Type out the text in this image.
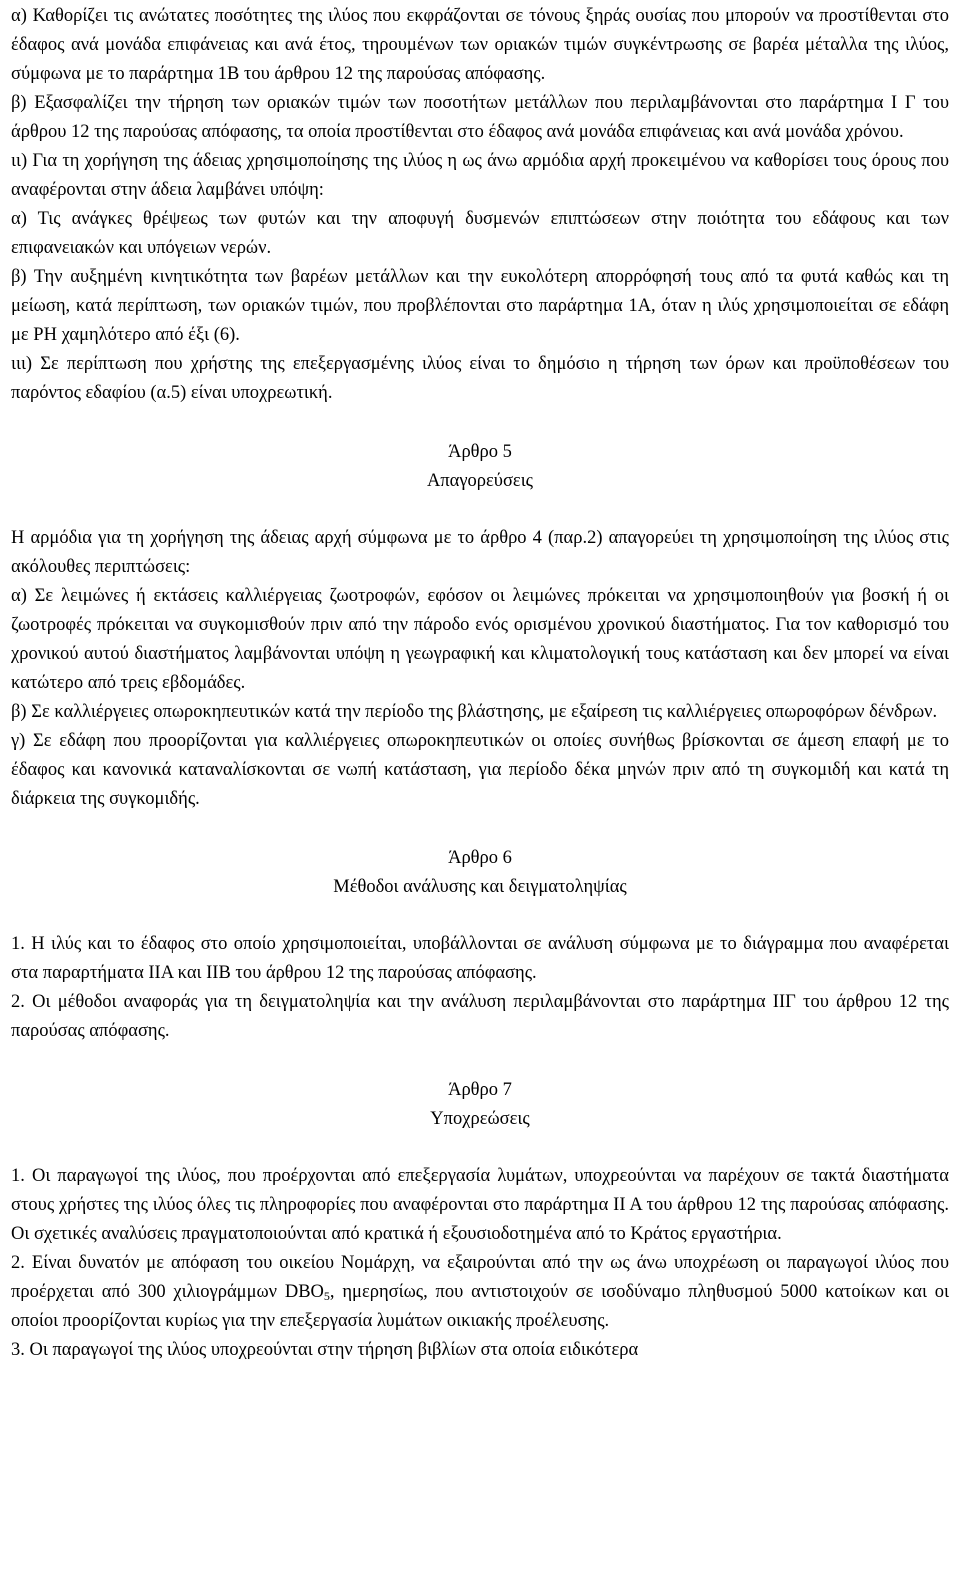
α) Καθορίζει τις ανώτατες ποσότητες της ιλύος που εκφράζονται σε τόνους ξηράς ουσίας που μπορούν να προστίθενται στο έδαφος ανά μονάδα επιφάνειας και ανά έτος, τηρουμένων των οριακών τιμών συγκέντρωσης σε βαρέα μέταλλα της ιλύος, σύμφωνα με το παράρτημα 1Β του άρθρου 12 της παρούσας απόφασης.

β) Εξασφαλίζει την τήρηση των οριακών τιμών των ποσοτήτων μετάλλων που περιλαμβάνονται στο παράρτημα Ι Γ του άρθρου 12 της παρούσας απόφασης, τα οποία προστίθενται στο έδαφος ανά μονάδα επιφάνειας και ανά μονάδα χρόνου.

ιι) Για τη χορήγηση της άδειας χρησιμοποίησης της ιλύος η ως άνω αρμόδια αρχή προκειμένου να καθορίσει τους όρους που αναφέρονται στην άδεια λαμβάνει υπόψη:

α) Τις ανάγκες θρέψεως των φυτών και την αποφυγή δυσμενών επιπτώσεων στην ποιότητα του εδάφους και των επιφανειακών και υπόγειων νερών.

β) Την αυξημένη κινητικότητα των βαρέων μετάλλων και την ευκολότερη απορρόφησή τους από τα φυτά καθώς και τη μείωση, κατά περίπτωση, των οριακών τιμών, που προβλέπονται στο παράρτημα 1Α, όταν η ιλύς χρησιμοποιείται σε εδάφη με PH χαμηλότερο από έξι (6).

ιιι) Σε περίπτωση που χρήστης της επεξεργασμένης ιλύος είναι το δημόσιο η τήρηση των όρων και προϋποθέσεων του παρόντος εδαφίου (α.5) είναι υποχρεωτική.

Άρθρο 5

Απαγορεύσεις

Η αρμόδια για τη χορήγηση της άδειας αρχή σύμφωνα με το άρθρο 4 (παρ.2) απαγορεύει τη χρησιμοποίηση της ιλύος στις ακόλουθες περιπτώσεις:

α) Σε λειμώνες ή εκτάσεις καλλιέργειας ζωοτροφών, εφόσον οι λειμώνες πρόκειται να χρησιμοποιηθούν για βοσκή ή οι ζωοτροφές πρόκειται να συγκομισθούν πριν από την πάροδο ενός ορισμένου χρονικού διαστήματος. Για τον καθορισμό του χρονικού αυτού διαστήματος λαμβάνονται υπόψη η γεωγραφική και κλιματολογική τους κατάσταση και δεν μπορεί να είναι κατώτερο από τρεις εβδομάδες.

β) Σε καλλιέργειες οπωροκηπευτικών κατά την περίοδο της βλάστησης, με εξαίρεση τις καλλιέργειες οπωροφόρων δένδρων.

γ) Σε εδάφη που προορίζονται για καλλιέργειες οπωροκηπευτικών οι οποίες συνήθως βρίσκονται σε άμεση επαφή με το έδαφος και κανονικά καταναλίσκονται σε νωπή κατάσταση, για περίοδο δέκα μηνών πριν από τη συγκομιδή και κατά τη διάρκεια της συγκομιδής.

Άρθρο 6

Μέθοδοι ανάλυσης και δειγματοληψίας

1. Η ιλύς και το έδαφος στο οποίο χρησιμοποιείται, υποβάλλονται σε ανάλυση σύμφωνα με το διάγραμμα που αναφέρεται στα παραρτήματα ΙΙΑ και ΙΙΒ του άρθρου 12 της παρούσας απόφασης.

2. Οι μέθοδοι αναφοράς για τη δειγματοληψία και την ανάλυση περιλαμβάνονται στο παράρτημα ΙΙΓ του άρθρου 12 της παρούσας απόφασης.

Άρθρο 7

Υποχρεώσεις

1. Οι παραγωγοί της ιλύος, που προέρχονται από επεξεργασία λυμάτων, υποχρεούνται να παρέχουν σε τακτά διαστήματα στους χρήστες της ιλύος όλες τις πληροφορίες που αναφέρονται στο παράρτημα ΙΙ Α του άρθρου 12 της παρούσας απόφασης. Οι σχετικές αναλύσεις πραγματοποιούνται από κρατικά ή εξουσιοδοτημένα από το Κράτος εργαστήρια.

2. Είναι δυνατόν με απόφαση του οικείου Νομάρχη, να εξαιρούνται από την ως άνω υποχρέωση οι παραγωγοί ιλύος που προέρχεται από 300 χιλιογράμμων $DBO_5$, ημερησίως, που αντιστοιχούν σε ισοδύναμο πληθυσμού 5000 κατοίκων και οι οποίοι προορίζονται κυρίως για την επεξεργασία λυμάτων οικιακής προέλευσης.

3. Οι παραγωγοί της ιλύος υποχρεούνται στην τήρηση βιβλίων στα οποία ειδικότερα
